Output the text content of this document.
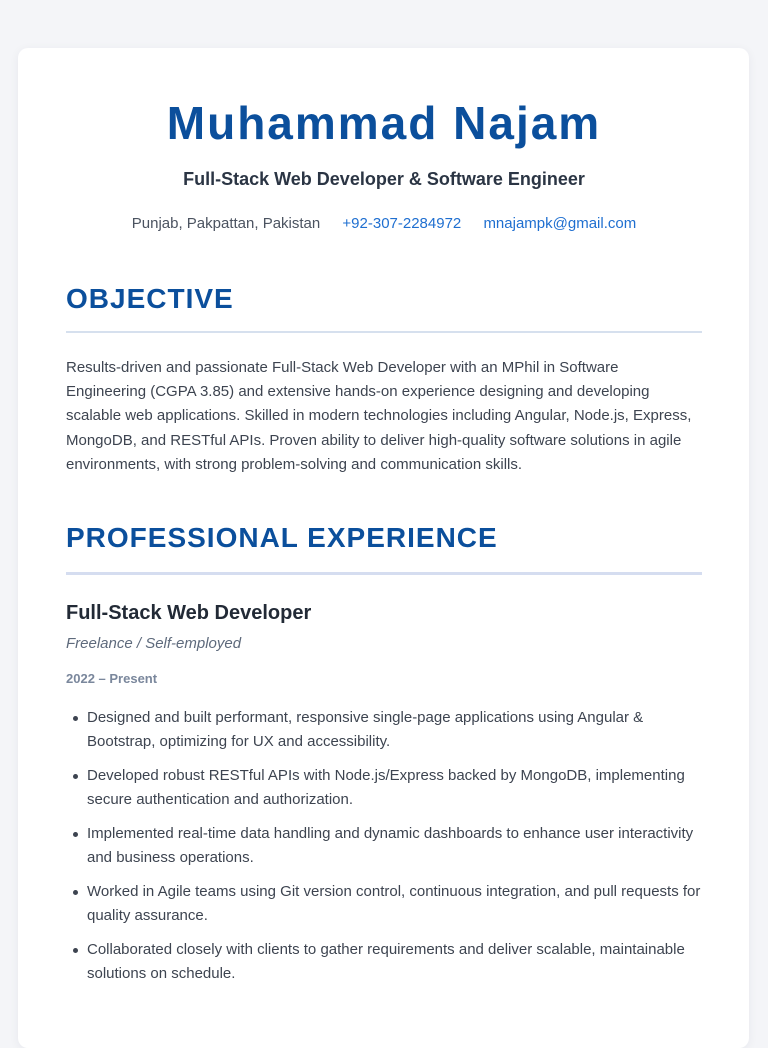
Muhammad Najam
Full-Stack Web Developer & Software Engineer
Punjab, Pakpattan, Pakistan +92-307-2284972 mnajampk@gmail.com
OBJECTIVE

Results-driven and passionate Full-Stack Web Developer with an MPhil in Software Engineering (CGPA 3.85) and extensive hands-on experience designing and developing scalable web applications. Skilled in modern technologies including Angular, Node.js, Express, MongoDB, and RESTful APIs. Proven ability to deliver high-quality software solutions in agile environments, with strong problem-solving and communication skills.

PROFESSIONAL EXPERIENCE
Full-Stack Web Developer
Freelance / Self-employed
2022 – Present
Designed and built performant, responsive single-page applications using Angular & Bootstrap, optimizing for UX and accessibility.
Developed robust RESTful APIs with Node.js/Express backed by MongoDB, implementing secure authentication and authorization.
Implemented real-time data handling and dynamic dashboards to enhance user interactivity and business operations.
Worked in Agile teams using Git version control, continuous integration, and pull requests for quality assurance.
Collaborated closely with clients to gather requirements and deliver scalable, maintainable solutions on schedule.
